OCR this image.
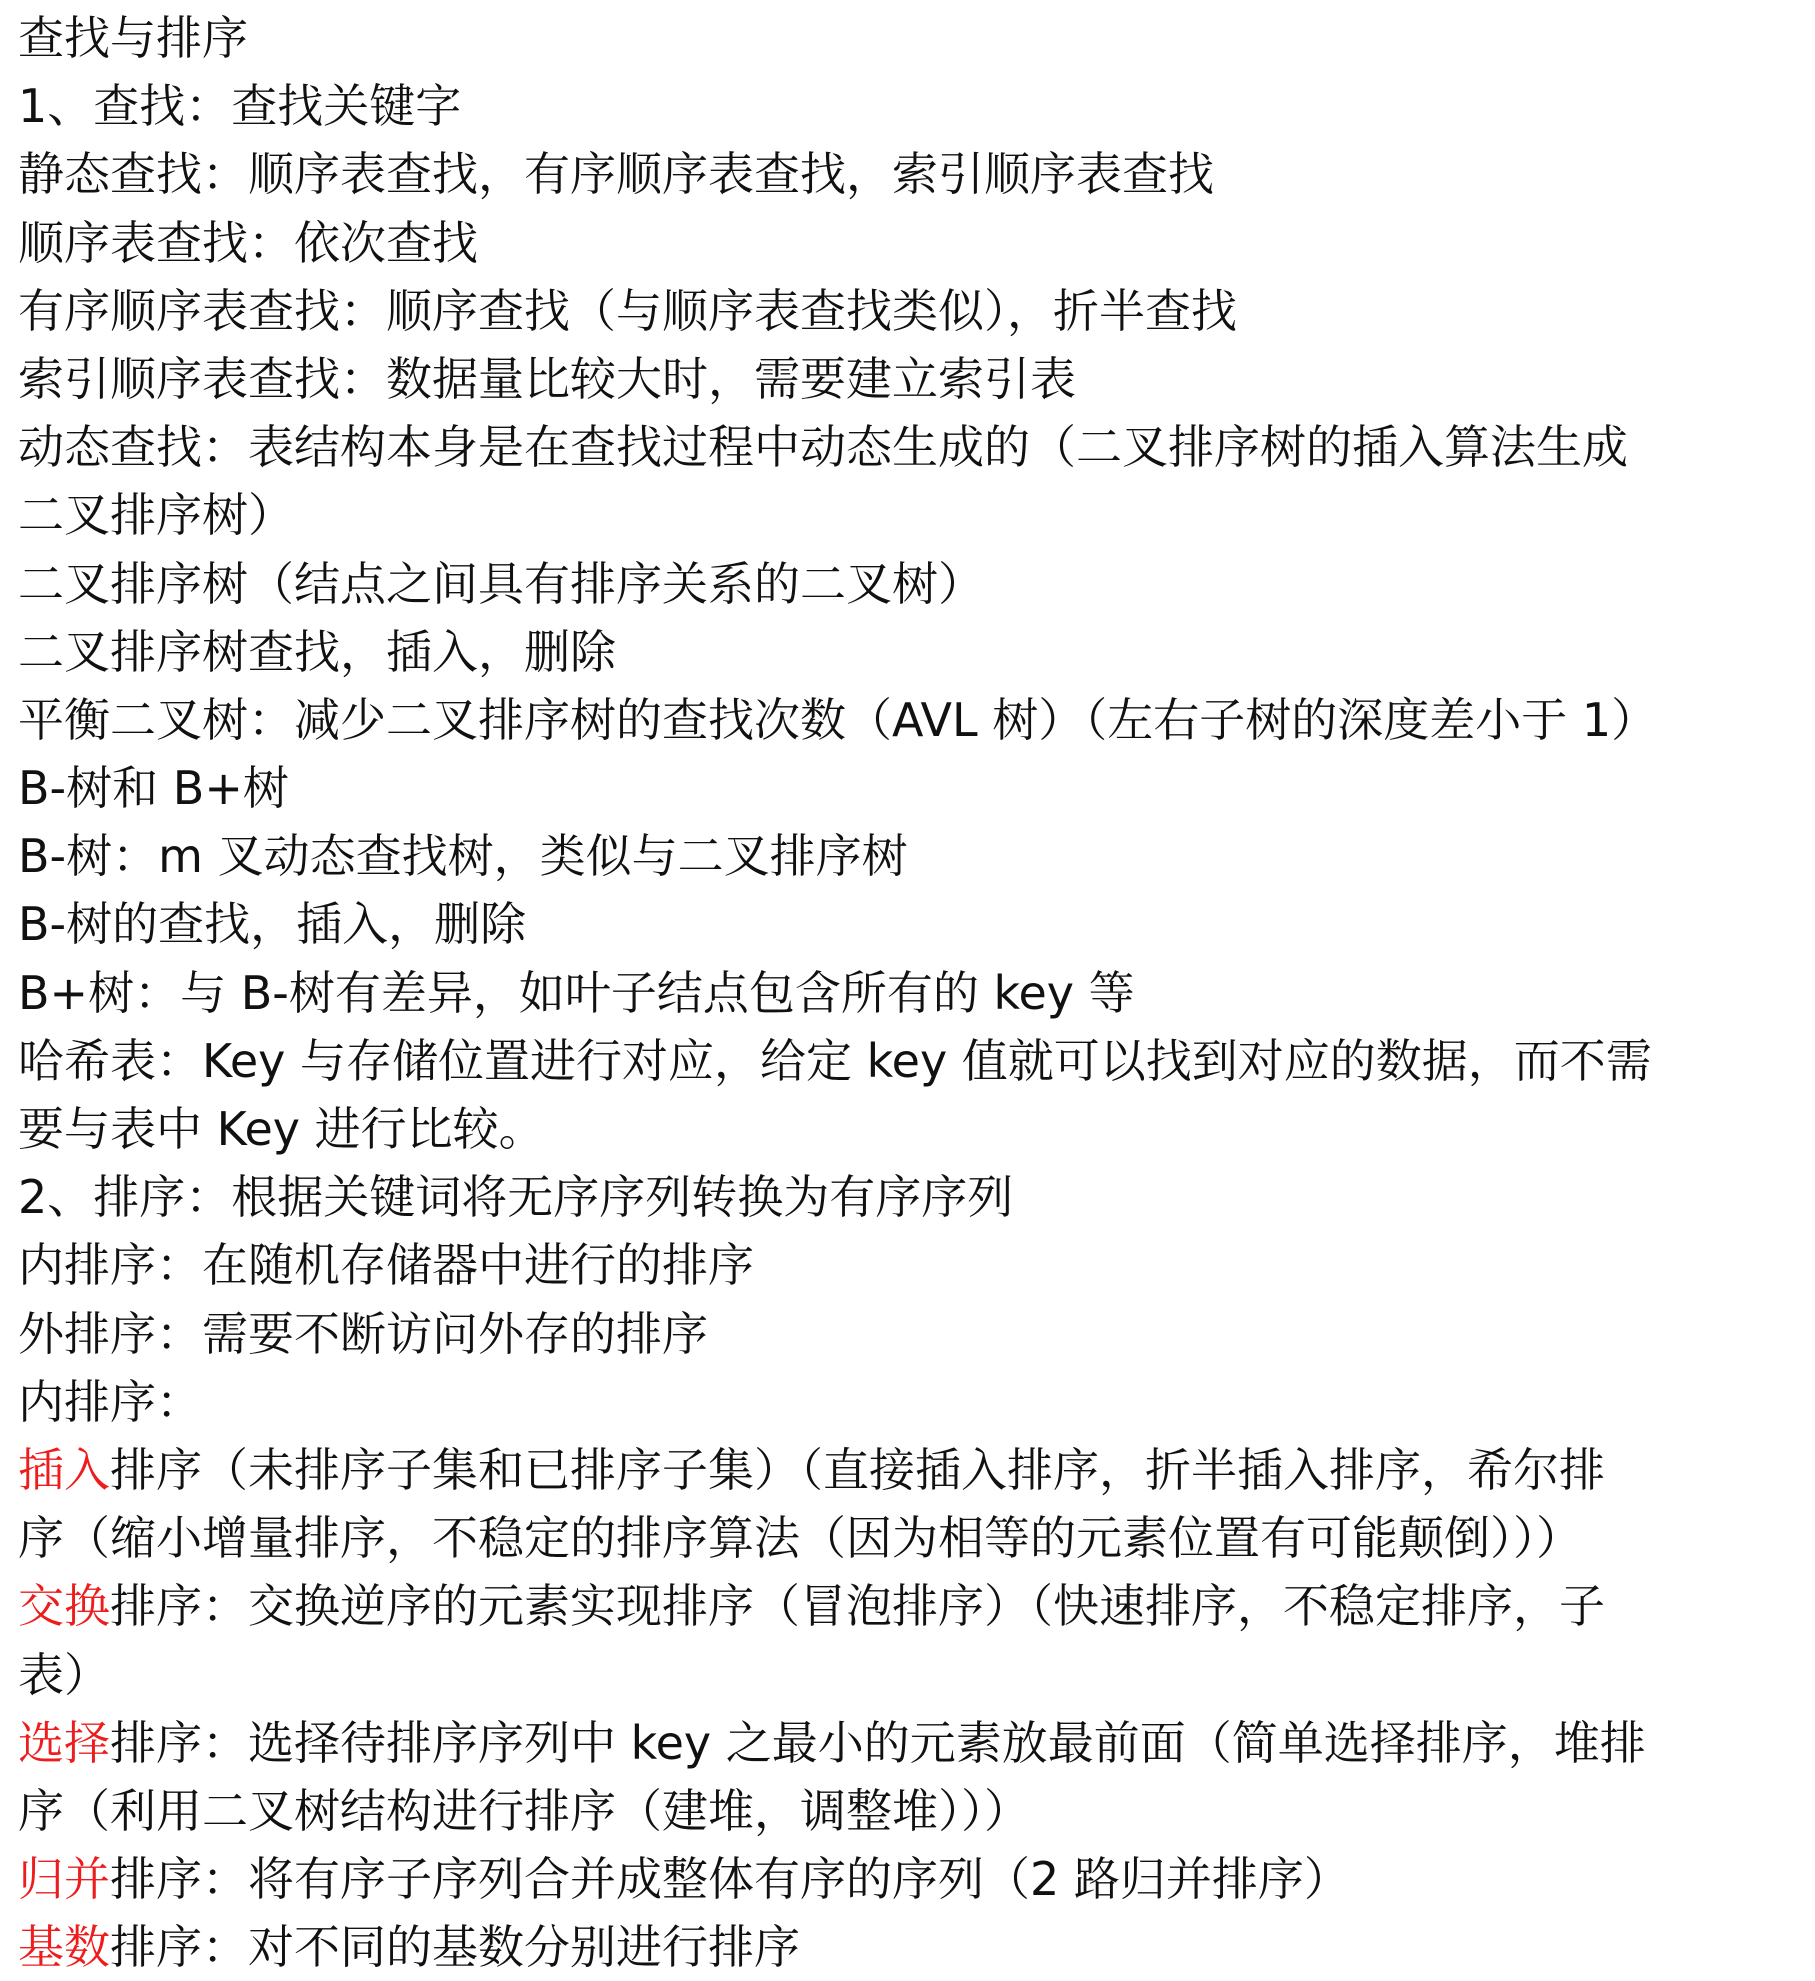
查找与排序
1、查找：查找关键字
静态查找：顺序表查找，有序顺序表查找，索引顺序表查找
顺序表查找：依次查找
有序顺序表查找：顺序查找（与顺序表查找类似），折半查找
索引顺序表查找：数据量比较大时，需要建立索引表
动态查找：表结构本身是在查找过程中动态生成的（二叉排序树的插入算法生成
二叉排序树）
二叉排序树（结点之间具有排序关系的二叉树）
二叉排序树查找，插入，删除
平衡二叉树：减少二叉排序树的查找次数（AVL 树）（左右子树的深度差小于 1）
B-树和 B+树
B-树：m 叉动态查找树，类似与二叉排序树
B-树的查找，插入，删除
B+树：与 B-树有差异，如叶子结点包含所有的 key 等
哈希表：Key 与存储位置进行对应，给定 key 值就可以找到对应的数据，而不需
要与表中 Key 进行比较。
2、排序：根据关键词将无序序列转换为有序序列
内排序：在随机存储器中进行的排序
外排序：需要不断访问外存的排序
内排序：
插入排序（未排序子集和已排序子集）（直接插入排序，折半插入排序，希尔排
序（缩小增量排序，不稳定的排序算法（因为相等的元素位置有可能颠倒）））
交换排序：交换逆序的元素实现排序（冒泡排序）（快速排序，不稳定排序，子
表）
选择排序：选择待排序序列中 key 之最小的元素放最前面（简单选择排序，堆排
序（利用二叉树结构进行排序（建堆，调整堆）））
归并排序：将有序子序列合并成整体有序的序列（2 路归并排序）
基数排序：对不同的基数分别进行排序
